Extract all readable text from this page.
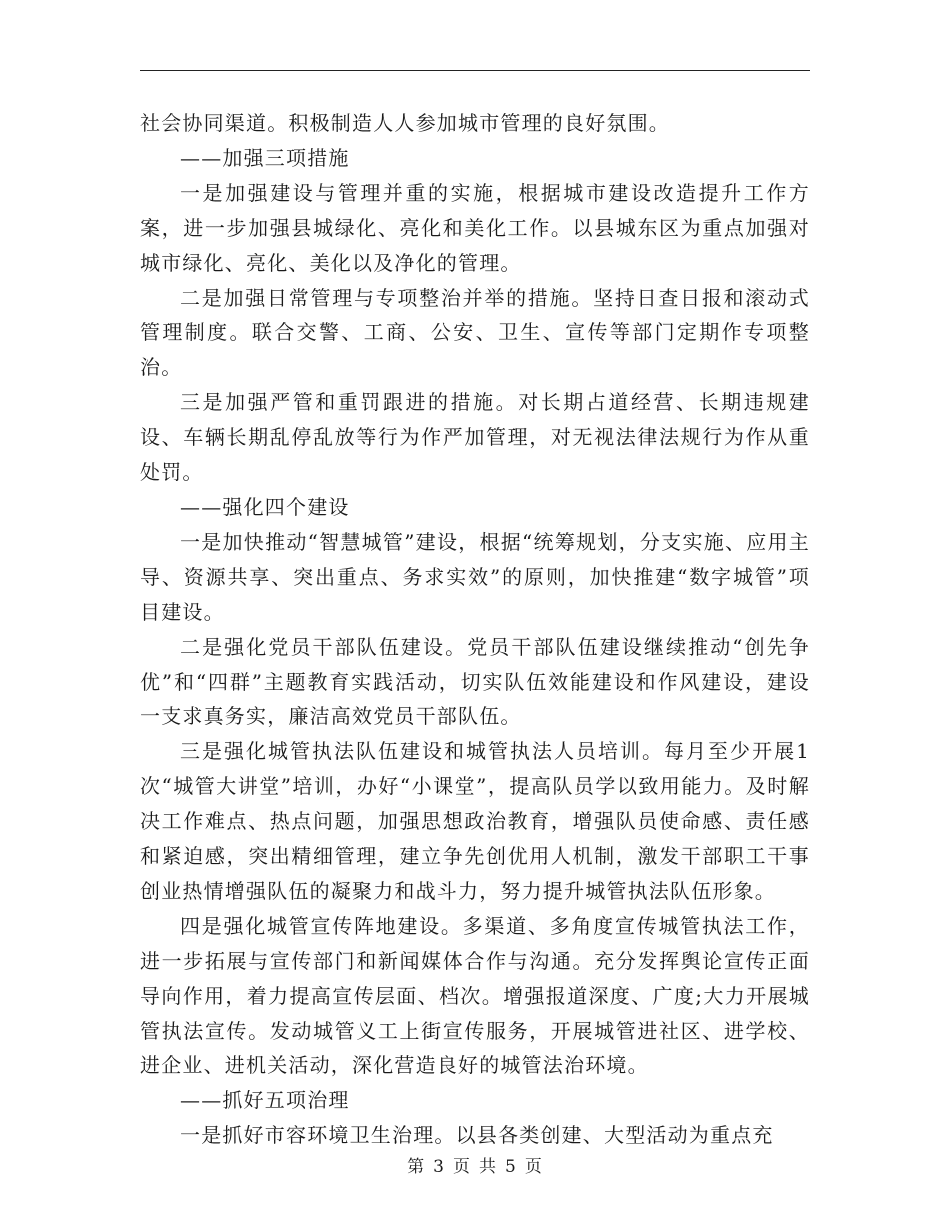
社会协同渠道。积极制造人人参加城市管理的良好氛围。

——加强三项措施

一是加强建设与管理并重的实施，根据城市建设改造提升工作方案，进一步加强县城绿化、亮化和美化工作。以县城东区为重点加强对城市绿化、亮化、美化以及净化的管理。

二是加强日常管理与专项整治并举的措施。坚持日查日报和滚动式管理制度。联合交警、工商、公安、卫生、宣传等部门定期作专项整治。

三是加强严管和重罚跟进的措施。对长期占道经营、长期违规建设、车辆长期乱停乱放等行为作严加管理，对无视法律法规行为作从重处罚。

——强化四个建设

一是加快推动“智慧城管”建设，根据“统筹规划，分支实施、应用主导、资源共享、突出重点、务求实效”的原则，加快推建“数字城管”项目建设。

二是强化党员干部队伍建设。党员干部队伍建设继续推动“创先争优”和“四群”主题教育实践活动，切实队伍效能建设和作风建设，建设一支求真务实，廉洁高效党员干部队伍。

三是强化城管执法队伍建设和城管执法人员培训。每月至少开展1次“城管大讲堂”培训，办好“小课堂”，提高队员学以致用能力。及时解决工作难点、热点问题，加强思想政治教育，增强队员使命感、责任感和紧迫感，突出精细管理，建立争先创优用人机制，激发干部职工干事创业热情增强队伍的凝聚力和战斗力，努力提升城管执法队伍形象。

四是强化城管宣传阵地建设。多渠道、多角度宣传城管执法工作，进一步拓展与宣传部门和新闻媒体合作与沟通。充分发挥舆论宣传正面导向作用，着力提高宣传层面、档次。增强报道深度、广度;大力开展城管执法宣传。发动城管义工上街宣传服务，开展城管进社区、进学校、进企业、进机关活动，深化营造良好的城管法治环境。

——抓好五项治理

一是抓好市容环境卫生治理。以县各类创建、大型活动为重点充

第 3 页 共 5 页
